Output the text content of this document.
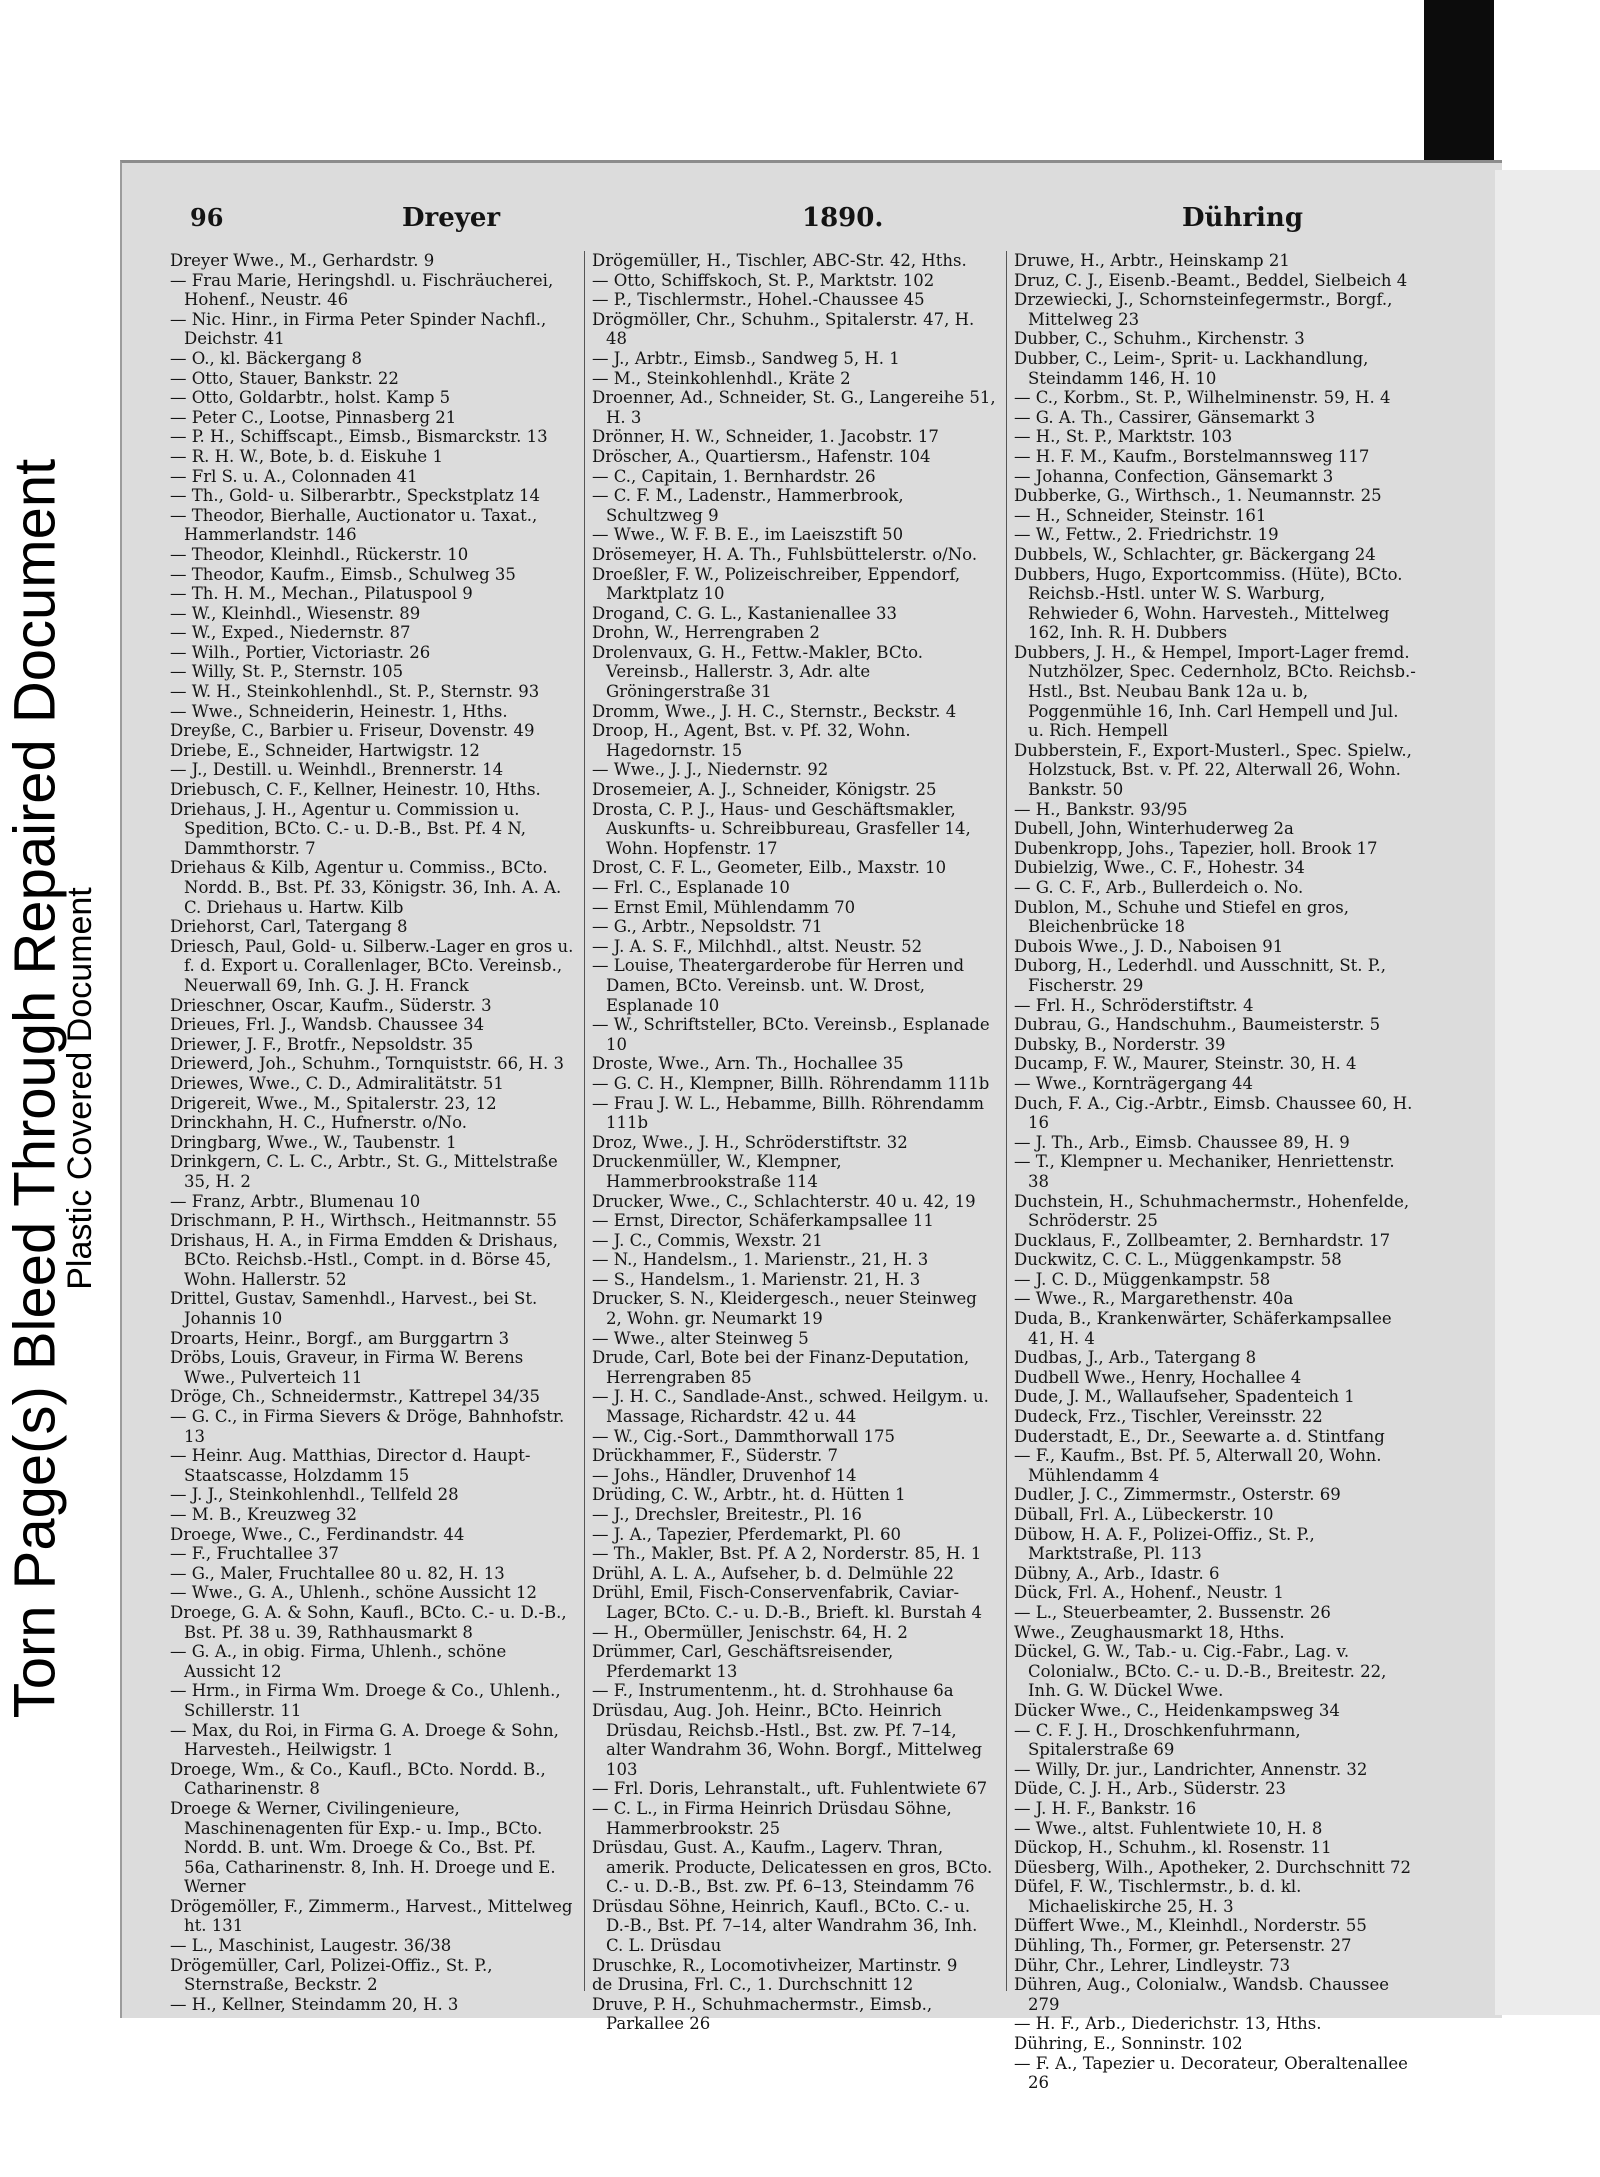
Torn Page(s) Bleed Through Repaired Document
Plastic Covered Document
96	Dreyer	1890.	Dühring
Dreyer Wwe., M., Gerhardstr. 9
— Frau Marie, Heringshdl. u. Fischräucherei, Hohenf., Neustr. 46
— Nic. Hinr., in Firma Peter Spinder Nachfl., Deichstr. 41
— O., kl. Bäckergang 8
— Otto, Stauer, Bankstr. 22
— Otto, Goldarbtr., holst. Kamp 5
— Peter C., Lootse, Pinnasberg 21
— P. H., Schiffscapt., Eimsb., Bismarckstr. 13
— R. H. W., Bote, b. d. Eiskuhe 1
— Frl S. u. A., Colonnaden 41
— Th., Gold- u. Silberarbtr., Speckstplatz 14
— Theodor, Bierhalle, Auctionator u. Taxat., Hammerlandstr. 146
— Theodor, Kleinhdl., Rückerstr. 10
— Theodor, Kaufm., Eimsb., Schulweg 35
— Th. H. M., Mechan., Pilatuspool 9
— W., Kleinhdl., Wiesenstr. 89
— W., Exped., Niedernstr. 87
— Wilh., Portier, Victoriastr. 26
— Willy, St. P., Sternstr. 105
— W. H., Steinkohlenhdl., St. P., Sternstr. 93
— Wwe., Schneiderin, Heinestr. 1, Hths.
Dreyße, C., Barbier u. Friseur, Dovenstr. 49
Driebe, E., Schneider, Hartwigstr. 12
— J., Destill. u. Weinhdl., Brennerstr. 14
Driebusch, C. F., Kellner, Heinestr. 10, Hths.
Driehaus, J. H., Agentur u. Commission u. Spedition, BCto. C.- u. D.-B., Bst. Pf. 4 N, Dammthorstr. 7
Driehaus & Kilb, Agentur u. Commiss., BCto. Nordd. B., Bst. Pf. 33, Königstr. 36, Inh. A. A. C. Driehaus u. Hartw. Kilb
Driehorst, Carl, Tatergang 8
Driesch, Paul, Gold- u. Silberw.-Lager en gros u. f. d. Export u. Corallenlager, BCto. Vereinsb., Neuerwall 69, Inh. G. J. H. Franck
Drieschner, Oscar, Kaufm., Süderstr. 3
Drieues, Frl. J., Wandsb. Chaussee 34
Driewer, J. F., Brotfr., Nepsoldstr. 35
Driewerd, Joh., Schuhm., Tornquiststr. 66, H. 3
Driewes, Wwe., C. D., Admiralitätstr. 51
Drigereit, Wwe., M., Spitalerstr. 23, 12
Drinckhahn, H. C., Hufnerstr. o/No.
Dringbarg, Wwe., W., Taubenstr. 1
Drinkgern, C. L. C., Arbtr., St. G., Mittelstraße 35, H. 2
— Franz, Arbtr., Blumenau 10
Drischmann, P. H., Wirthsch., Heitmannstr. 55
Drishaus, H. A., in Firma Emdden & Drishaus, BCto. Reichsb.-Hstl., Compt. in d. Börse 45, Wohn. Hallerstr. 52
Drittel, Gustav, Samenhdl., Harvest., bei St. Johannis 10
Droarts, Heinr., Borgf., am Burggartrn 3
Dröbs, Louis, Graveur, in Firma W. Berens Wwe., Pulverteich 11
Dröge, Ch., Schneidermstr., Kattrepel 34/35
— G. C., in Firma Sievers & Dröge, Bahnhofstr. 13
— Heinr. Aug. Matthias, Director d. Haupt-Staatscasse, Holzdamm 15
— J. J., Steinkohlenhdl., Tellfeld 28
— M. B., Kreuzweg 32
Droege, Wwe., C., Ferdinandstr. 44
— F., Fruchtallee 37
— G., Maler, Fruchtallee 80 u. 82, H. 13
— Wwe., G. A., Uhlenh., schöne Aussicht 12
Droege, G. A. & Sohn, Kaufl., BCto. C.- u. D.-B., Bst. Pf. 38 u. 39, Rathhausmarkt 8
— G. A., in obig. Firma, Uhlenh., schöne Aussicht 12
— Hrm., in Firma Wm. Droege & Co., Uhlenh., Schillerstr. 11
— Max, du Roi, in Firma G. A. Droege & Sohn, Harvesteh., Heilwigstr. 1
Droege, Wm., & Co., Kaufl., BCto. Nordd. B., Catharinenstr. 8
Droege & Werner, Civilingenieure, Maschinenagenten für Exp.- u. Imp., BCto. Nordd. B. unt. Wm. Droege & Co., Bst. Pf. 56a, Catharinenstr. 8, Inh. H. Droege und E. Werner
Drögemöller, F., Zimmerm., Harvest., Mittelweg ht. 131
— L., Maschinist, Laugestr. 36/38
Drögemüller, Carl, Polizei-Offiz., St. P., Sternstraße, Beckstr. 2
— H., Kellner, Steindamm 20, H. 3
Drögemüller, H., Tischler, ABC-Str. 42, Hths.
— Otto, Schiffskoch, St. P., Marktstr. 102
— P., Tischlermstr., Hohel.-Chaussee 45
Drögmöller, Chr., Schuhm., Spitalerstr. 47, H. 48
— J., Arbtr., Eimsb., Sandweg 5, H. 1
— M., Steinkohlenhdl., Kräte 2
Droenner, Ad., Schneider, St. G., Langereihe 51, H. 3
Drönner, H. W., Schneider, 1. Jacobstr. 17
Dröscher, A., Quartiersm., Hafenstr. 104
— C., Capitain, 1. Bernhardstr. 26
— C. F. M., Ladenstr., Hammerbrook, Schultzweg 9
— Wwe., W. F. B. E., im Laeiszstift 50
Drösemeyer, H. A. Th., Fuhlsbüttelerstr. o/No.
Droeßler, F. W., Polizeischreiber, Eppendorf, Marktplatz 10
Drogand, C. G. L., Kastanienallee 33
Drohn, W., Herrengraben 2
Drolenvaux, G. H., Fettw.-Makler, BCto. Vereinsb., Hallerstr. 3, Adr. alte Gröningerstraße 31
Dromm, Wwe., J. H. C., Sternstr., Beckstr. 4
Droop, H., Agent, Bst. v. Pf. 32, Wohn. Hagedornstr. 15
— Wwe., J. J., Niedernstr. 92
Drosemeier, A. J., Schneider, Königstr. 25
Drosta, C. P. J., Haus- und Geschäftsmakler, Auskunfts- u. Schreibbureau, Grasfeller 14, Wohn. Hopfenstr. 17
Drost, C. F. L., Geometer, Eilb., Maxstr. 10
— Frl. C., Esplanade 10
— Ernst Emil, Mühlendamm 70
— G., Arbtr., Nepsoldstr. 71
— J. A. S. F., Milchhdl., altst. Neustr. 52
— Louise, Theatergarderobe für Herren und Damen, BCto. Vereinsb. unt. W. Drost, Esplanade 10
— W., Schriftsteller, BCto. Vereinsb., Esplanade 10
Droste, Wwe., Arn. Th., Hochallee 35
— G. C. H., Klempner, Billh. Röhrendamm 111b
— Frau J. W. L., Hebamme, Billh. Röhrendamm 111b
Droz, Wwe., J. H., Schröderstiftstr. 32
Druckenmüller, W., Klempner, Hammerbrookstraße 114
Drucker, Wwe., C., Schlachterstr. 40 u. 42, 19
— Ernst, Director, Schäferkampsallee 11
— J. C., Commis, Wexstr. 21
— N., Handelsm., 1. Marienstr., 21, H. 3
— S., Handelsm., 1. Marienstr. 21, H. 3
Drucker, S. N., Kleidergesch., neuer Steinweg 2, Wohn. gr. Neumarkt 19
— Wwe., alter Steinweg 5
Drude, Carl, Bote bei der Finanz-Deputation, Herrengraben 85
— J. H. C., Sandlade-Anst., schwed. Heilgym. u. Massage, Richardstr. 42 u. 44
— W., Cig.-Sort., Dammthorwall 175
Drückhammer, F., Süderstr. 7
— Johs., Händler, Druvenhof 14
Drüding, C. W., Arbtr., ht. d. Hütten 1
— J., Drechsler, Breitestr., Pl. 16
— J. A., Tapezier, Pferdemarkt, Pl. 60
— Th., Makler, Bst. Pf. A 2, Norderstr. 85, H. 1
Drühl, A. L. A., Aufseher, b. d. Delmühle 22
Drühl, Emil, Fisch-Conservenfabrik, Caviar-Lager, BCto. C.- u. D.-B., Brieft. kl. Burstah 4
— H., Obermüller, Jenischstr. 64, H. 2
Drümmer, Carl, Geschäftsreisender, Pferdemarkt 13
— F., Instrumentenm., ht. d. Strohhause 6a
Drüsdau, Aug. Joh. Heinr., BCto. Heinrich Drüsdau, Reichsb.-Hstl., Bst. zw. Pf. 7–14, alter Wandrahm 36, Wohn. Borgf., Mittelweg 103
— Frl. Doris, Lehranstalt., uft. Fuhlentwiete 67
— C. L., in Firma Heinrich Drüsdau Söhne, Hammerbrookstr. 25
Drüsdau, Gust. A., Kaufm., Lagerv. Thran, amerik. Producte, Delicatessen en gros, BCto. C.- u. D.-B., Bst. zw. Pf. 6–13, Steindamm 76
Drüsdau Söhne, Heinrich, Kaufl., BCto. C.- u. D.-B., Bst. Pf. 7–14, alter Wandrahm 36, Inh. C. L. Drüsdau
Druschke, R., Locomotivheizer, Martinstr. 9
de Drusina, Frl. C., 1. Durchschnitt 12
Druve, P. H., Schuhmachermstr., Eimsb., Parkallee 26
Druwe, H., Arbtr., Heinskamp 21
Druz, C. J., Eisenb.-Beamt., Beddel, Sielbeich 4
Drzewiecki, J., Schornsteinfegermstr., Borgf., Mittelweg 23
Dubber, C., Schuhm., Kirchenstr. 3
Dubber, C., Leim-, Sprit- u. Lackhandlung, Steindamm 146, H. 10
— C., Korbm., St. P., Wilhelminenstr. 59, H. 4
— G. A. Th., Cassirer, Gänsemarkt 3
— H., St. P., Marktstr. 103
— H. F. M., Kaufm., Borstelmannsweg 117
— Johanna, Confection, Gänsemarkt 3
Dubberke, G., Wirthsch., 1. Neumannstr. 25
— H., Schneider, Steinstr. 161
— W., Fettw., 2. Friedrichstr. 19
Dubbels, W., Schlachter, gr. Bäckergang 24
Dubbers, Hugo, Exportcommiss. (Hüte), BCto. Reichsb.-Hstl. unter W. S. Warburg, Rehwieder 6, Wohn. Harvesteh., Mittelweg 162, Inh. R. H. Dubbers
Dubbers, J. H., & Hempel, Import-Lager fremd. Nutzhölzer, Spec. Cedernholz, BCto. Reichsb.-Hstl., Bst. Neubau Bank 12a u. b, Poggenmühle 16, Inh. Carl Hempell und Jul. u. Rich. Hempell
Dubberstein, F., Export-Musterl., Spec. Spielw., Holzstuck, Bst. v. Pf. 22, Alterwall 26, Wohn. Bankstr. 50
— H., Bankstr. 93/95
Dubell, John, Winterhuderweg 2a
Dubenkropp, Johs., Tapezier, holl. Brook 17
Dubielzig, Wwe., C. F., Hohestr. 34
— G. C. F., Arb., Bullerdeich o. No.
Dublon, M., Schuhe und Stiefel en gros, Bleichenbrücke 18
Dubois Wwe., J. D., Naboisen 91
Duborg, H., Lederhdl. und Ausschnitt, St. P., Fischerstr. 29
— Frl. H., Schröderstiftstr. 4
Dubrau, G., Handschuhm., Baumeisterstr. 5
Dubsky, B., Norderstr. 39
Ducamp, F. W., Maurer, Steinstr. 30, H. 4
— Wwe., Kornträgergang 44
Duch, F. A., Cig.-Arbtr., Eimsb. Chaussee 60, H. 16
— J. Th., Arb., Eimsb. Chaussee 89, H. 9
— T., Klempner u. Mechaniker, Henriettenstr. 38
Duchstein, H., Schuhmachermstr., Hohenfelde, Schröderstr. 25
Ducklaus, F., Zollbeamter, 2. Bernhardstr. 17
Duckwitz, C. C. L., Müggenkampstr. 58
— J. C. D., Müggenkampstr. 58
— Wwe., R., Margarethenstr. 40a
Duda, B., Krankenwärter, Schäferkampsallee 41, H. 4
Dudbas, J., Arb., Tatergang 8
Dudbell Wwe., Henry, Hochallee 4
Dude, J. M., Wallaufseher, Spadenteich 1
Dudeck, Frz., Tischler, Vereinsstr. 22
Duderstadt, E., Dr., Seewarte a. d. Stintfang
— F., Kaufm., Bst. Pf. 5, Alterwall 20, Wohn. Mühlendamm 4
Dudler, J. C., Zimmermstr., Osterstr. 69
Düball, Frl. A., Lübeckerstr. 10
Dübow, H. A. F., Polizei-Offiz., St. P., Marktstraße, Pl. 113
Dübny, A., Arb., Idastr. 6
Dück, Frl. A., Hohenf., Neustr. 1
— L., Steuerbeamter, 2. Bussenstr. 26
Wwe., Zeughausmarkt 18, Hths.
Dückel, G. W., Tab.- u. Cig.-Fabr., Lag. v. Colonialw., BCto. C.- u. D.-B., Breitestr. 22, Inh. G. W. Dückel Wwe.
Dücker Wwe., C., Heidenkampsweg 34
— C. F. J. H., Droschkenfuhrmann, Spitalerstraße 69
— Willy, Dr. jur., Landrichter, Annenstr. 32
Düde, C. J. H., Arb., Süderstr. 23
— J. H. F., Bankstr. 16
— Wwe., altst. Fuhlentwiete 10, H. 8
Dückop, H., Schuhm., kl. Rosenstr. 11
Düesberg, Wilh., Apotheker, 2. Durchschnitt 72
Düfel, F. W., Tischlermstr., b. d. kl. Michaeliskirche 25, H. 3
Düffert Wwe., M., Kleinhdl., Norderstr. 55
Dühling, Th., Former, gr. Petersenstr. 27
Dühr, Chr., Lehrer, Lindleystr. 73
Dühren, Aug., Colonialw., Wandsb. Chaussee 279
— H. F., Arb., Diederichstr. 13, Hths.
Dühring, E., Sonninstr. 102
— F. A., Tapezier u. Decorateur, Oberaltenallee 26
